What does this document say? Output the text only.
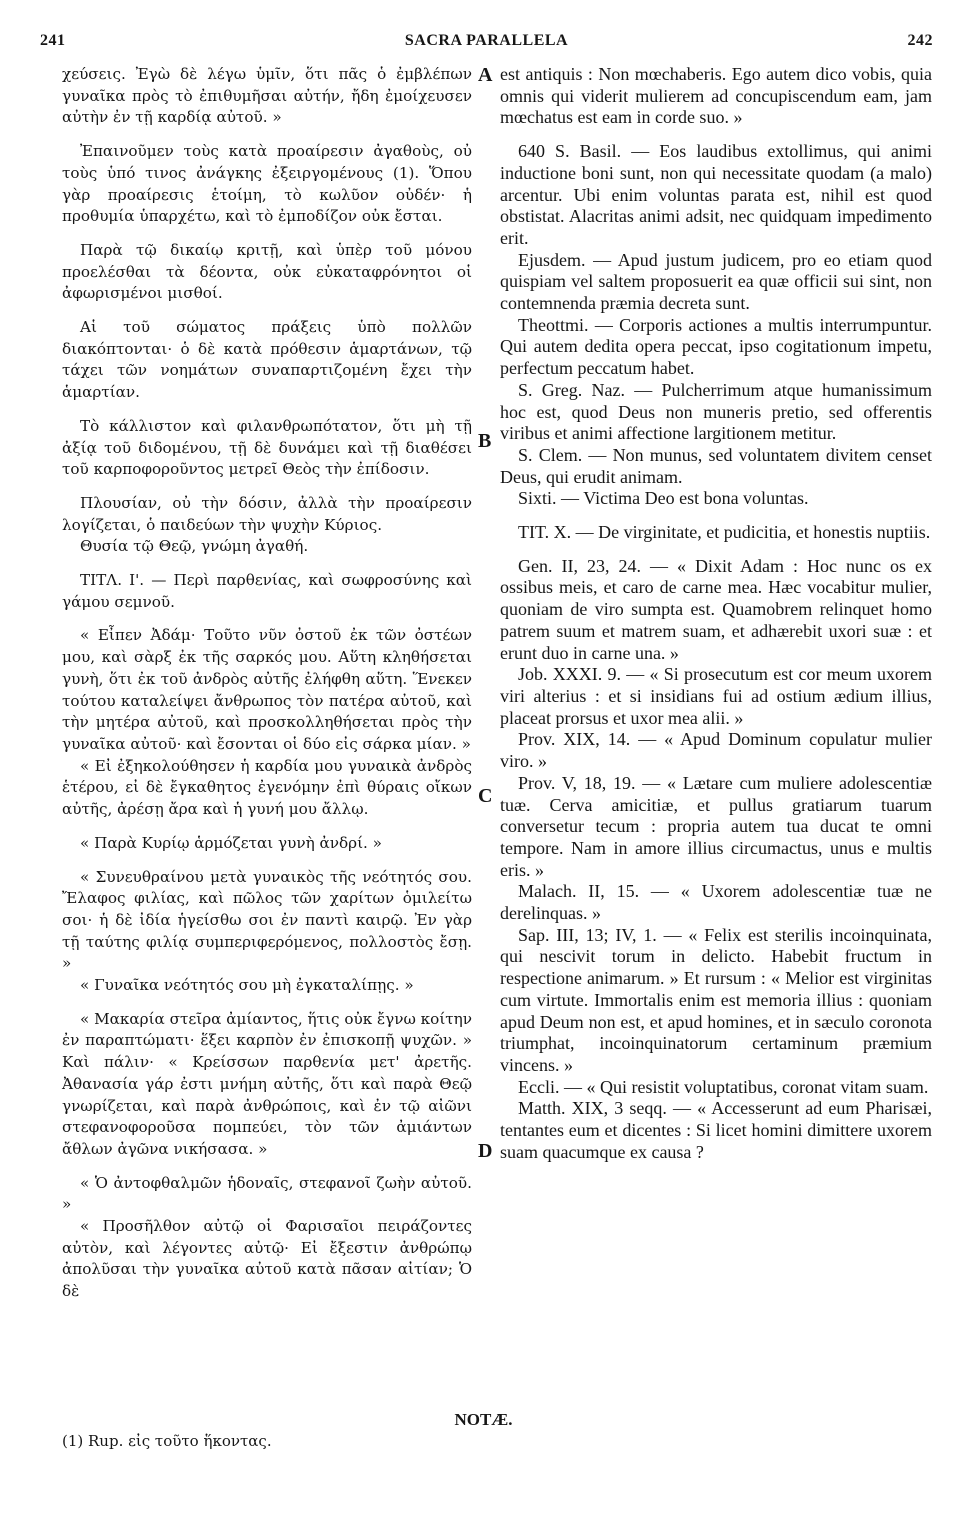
241	SACRA PARALLELA	242

χεύσεις. Ἐγὼ δὲ λέγω ὑμῖν, ὅτι πᾶς ὁ ἐμβλέπων γυναῖκα πρὸς τὸ ἐπιθυμῆσαι αὐτήν, ἤδη ἐμοίχευσεν αὐτὴν ἐν τῇ καρδίᾳ αὐτοῦ. »

Ἐπαινοῦμεν τοὺς κατὰ προαίρεσιν ἀγαθοὺς, οὐ τοὺς ὑπό τινος ἀνάγκης ἐξειργομένους (1). Ὅπου γὰρ προαίρεσις ἑτοίμη, τὸ κωλῦον οὐδέν· ἡ προθυμία ὑπαρχέτω, καὶ τὸ ἐμποδίζον οὐκ ἔσται.

Παρὰ τῷ δικαίῳ κριτῇ, καὶ ὑπὲρ τοῦ μόνου προελέσθαι τὰ δέοντα, οὐκ εὐκαταφρόνητοι οἱ ἀφωρισμένοι μισθοί.

Αἱ τοῦ σώματος πράξεις ὑπὸ πολλῶν διακόπτονται· ὁ δὲ κατὰ πρόθεσιν ἁμαρτάνων, τῷ τάχει τῶν νοημάτων συναπαρτιζομένη ἔχει τὴν ἁμαρτίαν.

Τὸ κάλλιστον καὶ φιλανθρωπότατον, ὅτι μὴ τῇ ἀξίᾳ τοῦ διδομένου, τῇ δὲ δυνάμει καὶ τῇ διαθέσει τοῦ καρποφοροῦντος μετρεῖ Θεὸς τὴν ἐπίδοσιν.

Πλουσίαν, οὐ τὴν δόσιν, ἀλλὰ τὴν προαίρεσιν λογίζεται, ὁ παιδεύων τὴν ψυχὴν Κύριος.

Θυσία τῷ Θεῷ, γνώμη ἀγαθή.

ΤΙΤΛ. Ι'. — Περὶ παρθενίας, καὶ σωφροσύνης καὶ γάμου σεμνοῦ.

« Εἶπεν Ἀδάμ· Τοῦτο νῦν ὀστοῦ ἐκ τῶν ὀστέων μου, καὶ σὰρξ ἐκ τῆς σαρκός μου. Αὕτη κληθήσεται γυνὴ, ὅτι ἐκ τοῦ ἀνδρὸς αὐτῆς ἐλήφθη αὕτη. Ἕνεκεν τούτου καταλείψει ἄνθρωπος τὸν πατέρα αὐτοῦ, καὶ τὴν μητέρα αὐτοῦ, καὶ προσκολληθήσεται πρὸς τὴν γυναῖκα αὐτοῦ· καὶ ἔσονται οἱ δύο εἰς σάρκα μίαν. »

« Εἰ ἐξηκολούθησεν ἡ καρδία μου γυναικὰ ἀνδρὸς ἑτέρου, εἰ δὲ ἔγκαθητος ἐγενόμην ἐπὶ θύραις οἴκων αὐτῆς, ἀρέσῃ ἄρα καὶ ἡ γυνή μου ἄλλῳ.

« Παρὰ Κυρίῳ ἁρμόζεται γυνὴ ἀνδρί. »

« Συνευθραίνου μετὰ γυναικὸς τῆς νεότητός σου. Ἔλαφος φιλίας, καὶ πῶλος τῶν χαρίτων ὁμιλείτω σοι· ἡ δὲ ἰδία ἡγείσθω σοι ἐν παντὶ καιρῷ. Ἐν γὰρ τῇ ταύτης φιλίᾳ συμπεριφερόμενος, πολλοστὸς ἔσῃ. »

« Γυναῖκα νεότητός σου μὴ ἐγκαταλίπῃς. »

« Μακαρία στεῖρα ἀμίαντος, ἥτις οὐκ ἔγνω κοίτην ἐν παραπτώματι· ἕξει καρπὸν ἐν ἐπισκοπῇ ψυχῶν. » Καὶ πάλιν· « Κρείσσων παρθενία μετ' ἀρετῆς. Ἀθανασία γάρ ἐστι μνήμη αὐτῆς, ὅτι καὶ παρὰ Θεῷ γνωρίζεται, καὶ παρὰ ἀνθρώποις, καὶ ἐν τῷ αἰῶνι στεφανοφοροῦσα πομπεύει, τὸν τῶν ἀμιάντων ἄθλων ἀγῶνα νικήσασα. »

« Ὁ ἀντοφθαλμῶν ἡδοναῖς, στεφανοῖ ζωὴν αὐτοῦ. »

« Προσῆλθον αὐτῷ οἱ Φαρισαῖοι πειράζοντες αὐτὸν, καὶ λέγοντες αὐτῷ· Εἰ ἔξεστιν ἀνθρώπῳ ἀπολῦσαι τὴν γυναῖκα αὐτοῦ κατὰ πᾶσαν αἰτίαν; Ὁ δὲ

est antiquis : Non mœchaberis. Ego autem dico vobis, quia omnis qui viderit mulierem ad concupiscendum eam, jam mœchatus est eam in corde suo. »

640 S. Basil. — Eos laudibus extollimus, qui animi inductione boni sunt, non qui necessitate quodam (a malo) arcentur. Ubi enim voluntas parata est, nihil est quod obstistat. Alacritas animi adsit, nec quidquam impedimento erit.

Ejusdem. — Apud justum judicem, pro eo etiam quod quispiam vel saltem proposuerit ea quæ officii sui sint, non contemnenda præmia decreta sunt.

Theottmi. — Corporis actiones a multis interrumpuntur. Qui autem dedita opera peccat, ipso cogitationum impetu, perfectum peccatum habet.

S. Greg. Naz. — Pulcherrimum atque humanissimum hoc est, quod Deus non muneris pretio, sed offerentis viribus et animi affectione largitionem metitur.

S. Clem. — Non munus, sed voluntatem divitem censet Deus, qui erudit animam.

Sixti. — Victima Deo est bona voluntas.

TIT. X. — De virginitate, et pudicitia, et honestis nuptiis.

Gen. II, 23, 24. — « Dixit Adam : Hoc nunc os ex ossibus meis, et caro de carne mea. Hæc vocabitur mulier, quoniam de viro sumpta est. Quamobrem relinquet homo patrem suum et matrem suam, et adhærebit uxori suæ : et erunt duo in carne una. »

Job. XXXI. 9. — « Si prosecutum est cor meum uxorem viri alterius : et si insidians fui ad ostium ædium illius, placeat prorsus et uxor mea alii. »

Prov. XIX, 14. — « Apud Dominum copulatur mulier viro. »

Prov. V, 18, 19. — « Lætare cum muliere adolescentiæ tuæ. Cerva amicitiæ, et pullus gratiarum tuarum conversetur tecum : propria autem tua ducat te omni tempore. Nam in amore illius circumactus, unus e multis eris. »

Malach. II, 15. — « Uxorem adolescentiæ tuæ ne derelinquas. »

Sap. III, 13; IV, 1. — « Felix est sterilis incoinquinata, qui nescivit torum in delicto. Habebit fructum in respectione animarum. » Et rursum : « Melior est virginitas cum virtute. Immortalis enim est memoria illius : quoniam apud Deum non est, et apud homines, et in sæculo coronota triumphat, incoinquinatorum certaminum præmium vincens. »

Eccli. — « Qui resistit voluptatibus, coronat vitam suam.

Matth. XIX, 3 seqq. — « Accesserunt ad eum Pharisæi, tentantes eum et dicentes : Si licet homini dimittere uxorem suam quacumque ex causa ?

A
B
C
D
NOTÆ.
(1) Rup. εἰς τοῦτο ἥκοντας.
